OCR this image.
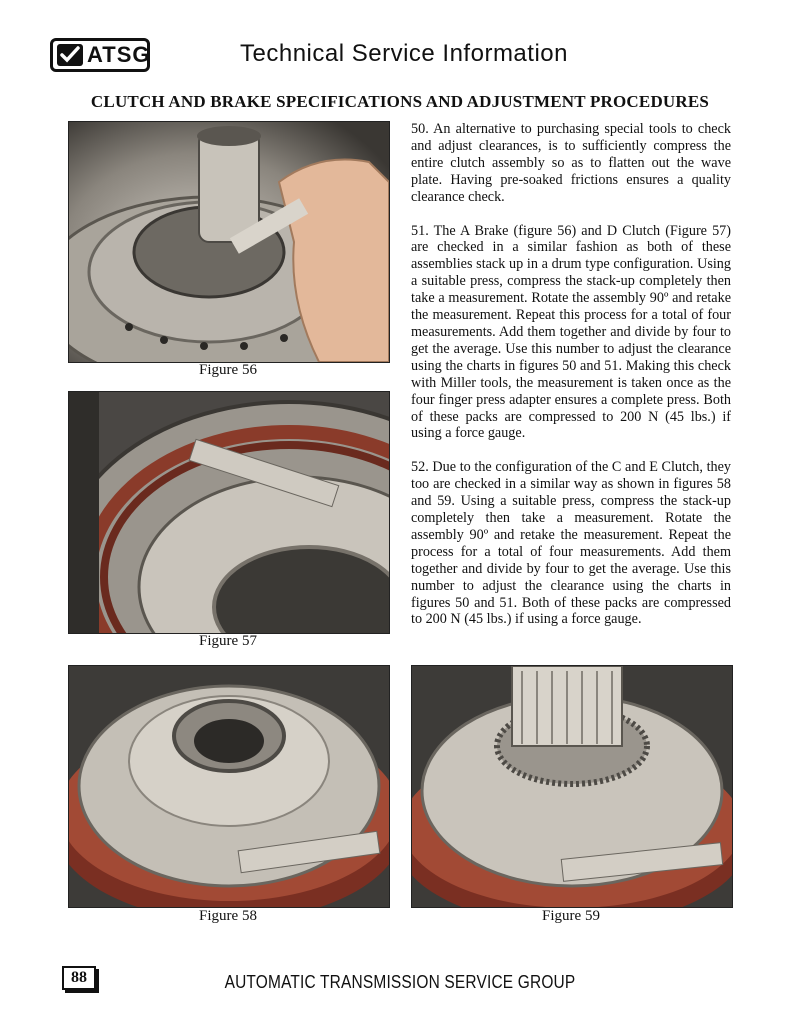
ATSG	Technical Service Information
CLUTCH AND BRAKE SPECIFICATIONS AND ADJUSTMENT PROCEDURES
Figure 56
Figure 57

50. An alternative to purchasing special tools to check and adjust clearances, is to sufficiently compress the entire clutch assembly so as to flatten out the wave plate. Having pre-soaked frictions ensures a quality clearance check.

51. The A Brake (figure 56) and D Clutch (Figure 57) are checked in a similar fashion as both of these assemblies stack up in a drum type configuration. Using a suitable press, compress the stack-up completely then take a measurement. Rotate the assembly 90º and retake the measurement. Repeat this process for a total of four measurements. Add them together and divide by four to get the average. Use this number to adjust the clearance using the charts in figures 50 and 51. Making this check with Miller tools, the measurement is taken once as the four finger press adapter ensures a complete press. Both of these packs are compressed to 200 N (45 lbs.) if using a force gauge.

52. Due to the configuration of the C and E Clutch, they too are checked in a similar way as shown in figures 58 and 59. Using a suitable press, compress the stack-up completely then take a measurement. Rotate the assembly 90º and retake the measurement. Repeat the process for a total of four measurements. Add them together and divide by four to get the average. Use this number to adjust the clearance using the charts in figures 50 and 51. Both of these packs are compressed to 200 N (45 lbs.) if using a force gauge.

Figure 58	Figure 59
88	AUTOMATIC TRANSMISSION SERVICE GROUP
